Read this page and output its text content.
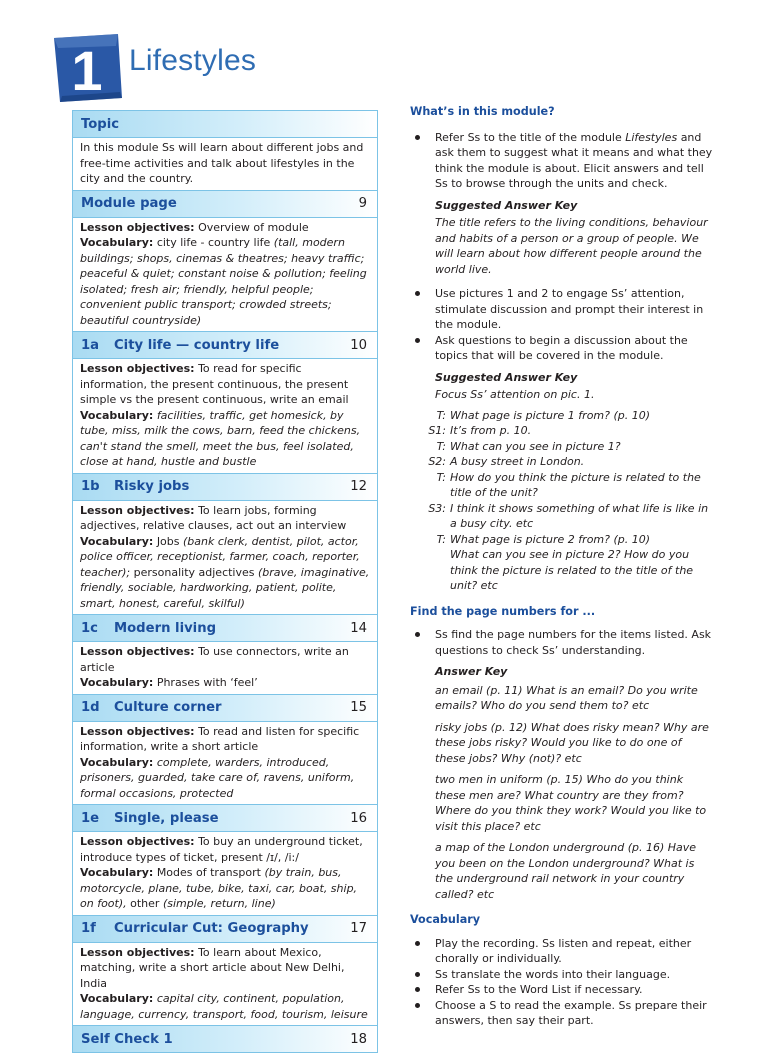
1 Lifestyles
Topic
In this module Ss will learn about different jobs and free-time activities and talk about lifestyles in the city and the country.
Module page	9
Lesson objectives: Overview of module
Vocabulary: city life - country life (tall, modern buildings; shops, cinemas & theatres; heavy traffic; peaceful & quiet; constant noise & pollution; feeling isolated; fresh air; friendly, helpful people; convenient public transport; crowded streets; beautiful countryside)
1a City life — country life	10
Lesson objectives: To read for specific information, the present continuous, the present simple vs the present continuous, write an email
Vocabulary: facilities, traffic, get homesick, by tube, miss, milk the cows, barn, feed the chickens, can't stand the smell, meet the bus, feel isolated, close at hand, hustle and bustle
1b Risky jobs	12
Lesson objectives: To learn jobs, forming adjectives, relative clauses, act out an interview
Vocabulary: Jobs (bank clerk, dentist, pilot, actor, police officer, receptionist, farmer, coach, reporter, teacher); personality adjectives (brave, imaginative, friendly, sociable, hardworking, patient, polite, smart, honest, careful, skilful)
1c Modern living	14
Lesson objectives: To use connectors, write an article
Vocabulary: Phrases with ‘feel’
1d Culture corner	15
Lesson objectives: To read and listen for specific information, write a short article
Vocabulary: complete, warders, introduced, prisoners, guarded, take care of, ravens, uniform, formal occasions, protected
1e Single, please	16
Lesson objectives: To buy an underground ticket, introduce types of ticket, present /ɪ/, /i:/
Vocabulary: Modes of transport (by train, bus, motorcycle, plane, tube, bike, taxi, car, boat, ship, on foot), other (simple, return, line)
1f Curricular Cut: Geography	17
Lesson objectives: To learn about Mexico, matching, write a short article about New Delhi, India
Vocabulary: capital city, continent, population, language, currency, transport, food, tourism, leisure
Self Check 1	18

What’s in this module?

Refer Ss to the title of the module Lifestyles and ask them to suggest what it means and what they think the module is about. Elicit answers and tell Ss to browse through the units and check.
Suggested Answer Key
The title refers to the living conditions, behaviour and habits of a person or a group of people. We will learn about how different people around the world live.
Use pictures 1 and 2 to engage Ss’ attention, stimulate discussion and prompt their interest in the module.
Ask questions to begin a discussion about the topics that will be covered in the module.
Suggested Answer Key
Focus Ss’ attention on pic. 1.
T: What page is picture 1 from? (p. 10)
S1: It’s from p. 10.
T: What can you see in picture 1?
S2: A busy street in London.
T: How do you think the picture is related to the title of the unit?
S3: I think it shows something of what life is like in a busy city. etc
T: What page is picture 2 from? (p. 10)
What can you see in picture 2? How do you think the picture is related to the title of the unit? etc

Find the page numbers for ...

Ss find the page numbers for the items listed. Ask questions to check Ss’ understanding.
Answer Key
an email (p. 11) What is an email? Do you write emails? Who do you send them to? etc
risky jobs (p. 12) What does risky mean? Why are these jobs risky? Would you like to do one of these jobs? Why (not)? etc
two men in uniform (p. 15) Who do you think these men are? What country are they from? Where do you think they work? Would you like to visit this place? etc
a map of the London underground (p. 16) Have you been on the London underground? What is the underground rail network in your country called? etc

Vocabulary

Play the recording. Ss listen and repeat, either chorally or individually.
Ss translate the words into their language.
Refer Ss to the Word List if necessary.
Choose a S to read the example. Ss prepare their answers, then say their part.
